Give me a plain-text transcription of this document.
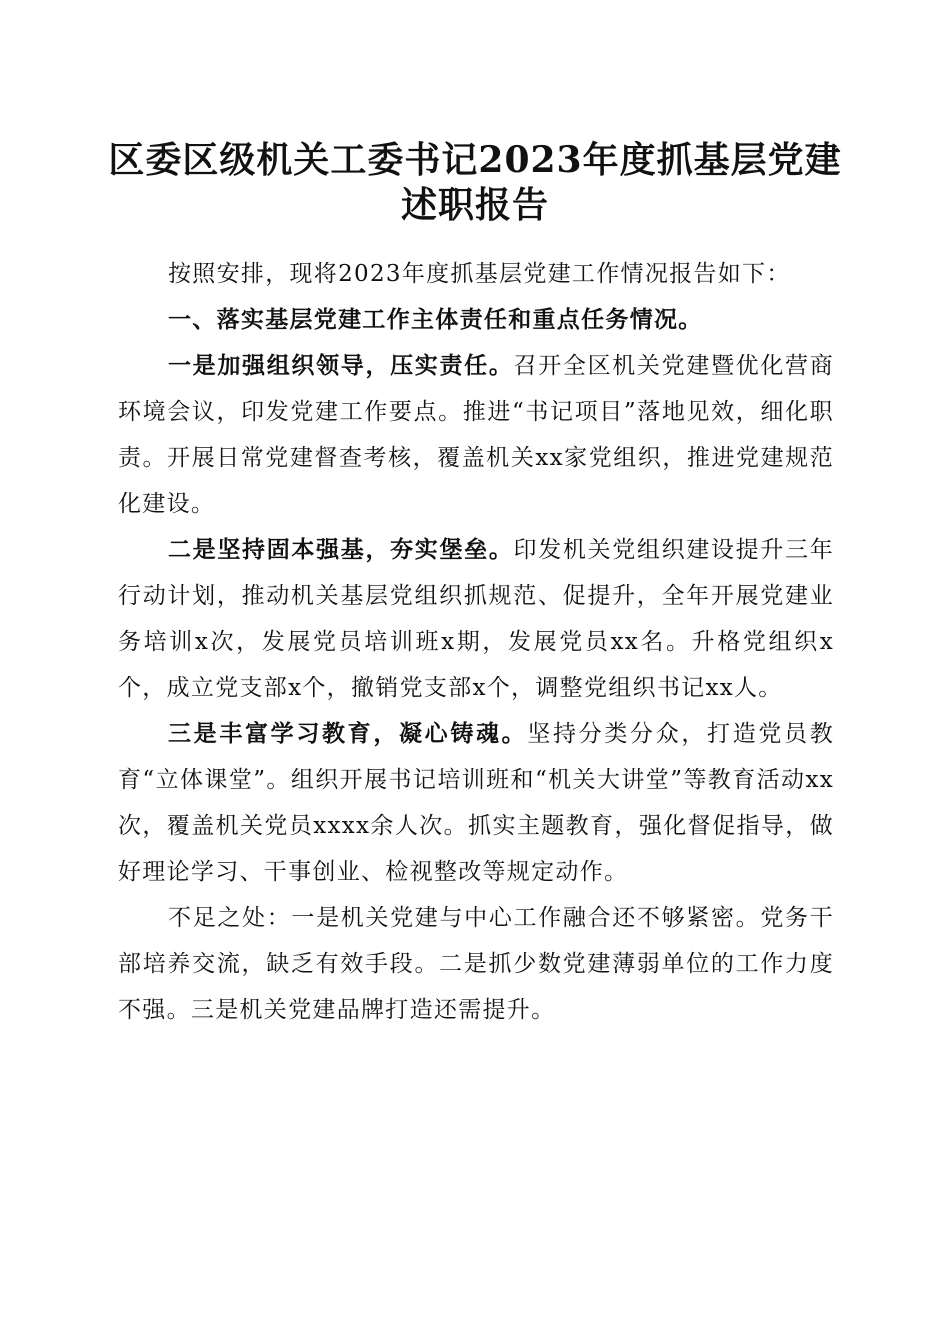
区委区级机关工委书记2023年度抓基层党建
述职报告

按照安排，现将2023年度抓基层党建工作情况报告如下：

一、落实基层党建工作主体责任和重点任务情况。

一是加强组织领导，压实责任。召开全区机关党建暨优化营商环境会议，印发党建工作要点。推进“书记项目”落地见效，细化职责。开展日常党建督查考核，覆盖机关xx家党组织，推进党建规范化建设。

二是坚持固本强基，夯实堡垒。印发机关党组织建设提升三年行动计划，推动机关基层党组织抓规范、促提升，全年开展党建业务培训x次，发展党员培训班x期，发展党员xx名。升格党组织x个，成立党支部x个，撤销党支部x个，调整党组织书记xx人。

三是丰富学习教育，凝心铸魂。坚持分类分众，打造党员教育“立体课堂”。组织开展书记培训班和“机关大讲堂”等教育活动xx次，覆盖机关党员xxxx余人次。抓实主题教育，强化督促指导，做好理论学习、干事创业、检视整改等规定动作。

不足之处：一是机关党建与中心工作融合还不够紧密。党务干部培养交流，缺乏有效手段。二是抓少数党建薄弱单位的工作力度不强。三是机关党建品牌打造还需提升。
